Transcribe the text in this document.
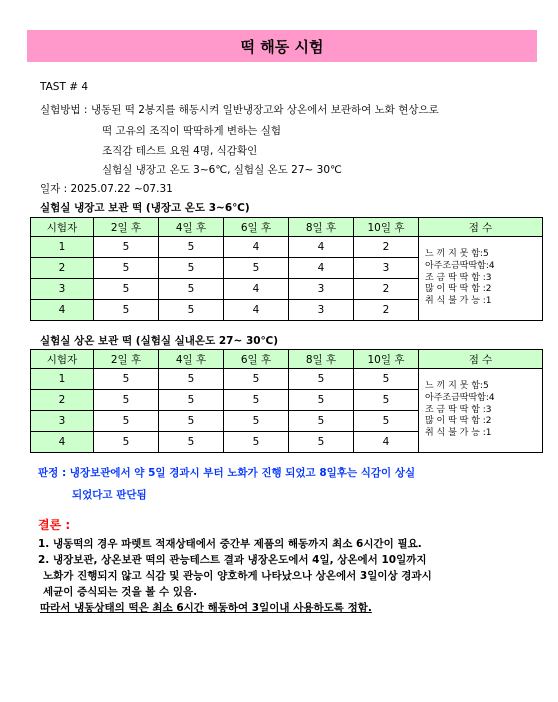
떡 해동 시험
TAST # 4
실험방법 : 냉동된 떡 2봉지를 해동시켜 일반냉장고와 상온에서 보관하여 노화 현상으로
떡 고유의 조직이 딱딱하게 변하는 실험
조직감 테스트 요원 4명, 식감확인
실험실 냉장고 온도 3~6℃, 실험실 온도 27~ 30℃
일자 : 2025.07.22 ~07.31
실험실 냉장고 보관 떡 (냉장고 온도 3~6℃)
시험자	2일 후	4일 후	6일 후	8일 후	10일 후	점 수
1	5	5	4	4	2	느 끼 지 못 함:5
아주조금딱딱함:4
조 금 딱 딱 함 :3
많 이 딱 딱 함 :2
취 식 불 가 능 :1

2	5	5	5	4	3	
3	5	5	4	3	2	
4	5	5	4	3	2	
실험실 상온 보관 떡 (실험실 실내온도 27~ 30℃)
시험자	2일 후	4일 후	6일 후	8일 후	10일 후	점 수
1	5	5	5	5	5	느 끼 지 못 함:5
아주조금딱딱함:4
조 금 딱 딱 함 :3
많 이 딱 딱 함 :2
취 식 불 가 능 :1

2	5	5	5	5	5	
3	5	5	5	5	5	
4	5	5	5	5	4	
판정 : 냉장보관에서 약 5일 경과시 부터 노화가 진행 되었고 8일후는 식감이 상실
되었다고 판단됨
결론 :
1. 냉동떡의 경우 파렛트 적재상태에서 중간부 제품의 해동까지 최소 6시간이 필요.
2. 냉장보관, 상온보관 떡의 관능테스트 결과 냉장온도에서 4일, 상온에서 10일까지
노화가 진행되지 않고 식감 및 관능이 양호하게 나타났으나 상온에서 3일이상 경과시
세균이 증식되는 것을 볼 수 있음.
따라서 냉동상태의 떡은 최소 6시간 해동하여 3일이내 사용하도록 정함.
